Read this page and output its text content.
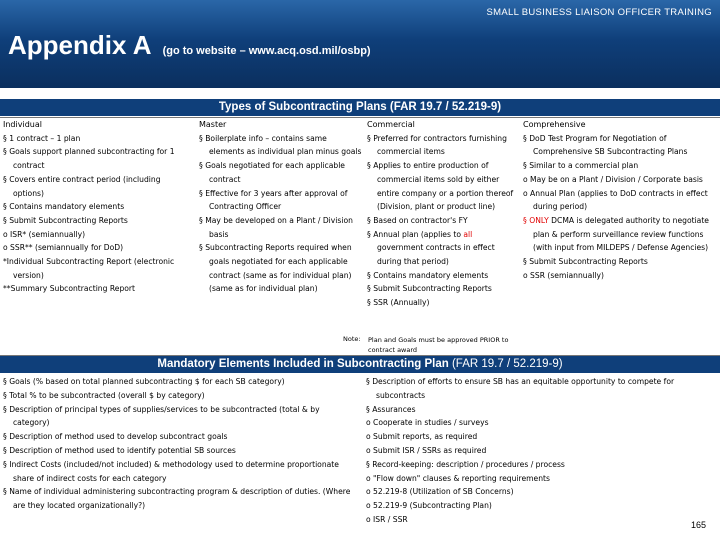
SMALL BUSINESS LIAISON OFFICER TRAINING
Appendix A (go to website – www.acq.osd.mil/osbp)
Types of Subcontracting Plans (FAR 19.7 / 52.219-9)
Individual
§ 1 contract – 1 plan
§ Goals support planned subcontracting for 1 contract
§ Covers entire contract period (including options)
§ Contains mandatory elements
§ Submit Subcontracting Reports
o ISR* (semiannually)
o SSR** (semiannually for DoD)
*Individual Subcontracting Report (electronic version)
**Summary Subcontracting Report
Master
§ Boilerplate info – contains same elements as individual plan minus goals
§ Goals negotiated for each applicable contract
§ Effective for 3 years after approval of Contracting Officer
§ May be developed on a Plant / Division basis
§ Subcontracting Reports required when goals negotiated for each applicable contract (same as for individual plan) (same as for individual plan)
Commercial
§ Preferred for contractors furnishing commercial items
§ Applies to entire production of commercial items sold by either entire company or a portion thereof (Division, plant or product line)
§ Based on contractor's FY
§ Annual plan (applies to all government contracts in effect during that period)
§ Contains mandatory elements
§ Submit Subcontracting Reports
§ SSR (Annually)
Comprehensive
§ DoD Test Program for Negotiation of Comprehensive SB Subcontracting Plans
§ Similar to a commercial plan
o May be on a Plant / Division / Corporate basis
o Annual Plan (applies to DoD contracts in effect during period)
§ ONLY DCMA is delegated authority to negotiate plan & perform surveillance review functions (with input from MILDEPS / Defense Agencies)
§ Submit Subcontracting Reports
o SSR (semiannually)
Note: Plan and Goals must be approved PRIOR to contract award
Mandatory Elements Included in Subcontracting Plan (FAR 19.7 / 52.219-9)
§ Goals (% based on total planned subcontracting $ for each SB category)
§ Total % to be subcontracted (overall $ by category)
§ Description of principal types of supplies/services to be subcontracted (total & by category)
§ Description of method used to develop subcontract goals
§ Description of method used to identify potential SB sources
§ Indirect Costs (included/not included) & methodology used to determine proportionate share of indirect costs for each category
§ Name of individual administering subcontracting program & description of duties. (Where are they located organizationally?)
§ Description of efforts to ensure SB has an equitable opportunity to compete for subcontracts
§ Assurances
o Cooperate in studies / surveys
o Submit reports, as required
o Submit ISR / SSRs as required
§ Record-keeping: description / procedures / process
o "Flow down" clauses & reporting requirements
o 52.219-8 (Utilization of SB Concerns)
o 52.219-9 (Subcontracting Plan)
o ISR / SSR
165
